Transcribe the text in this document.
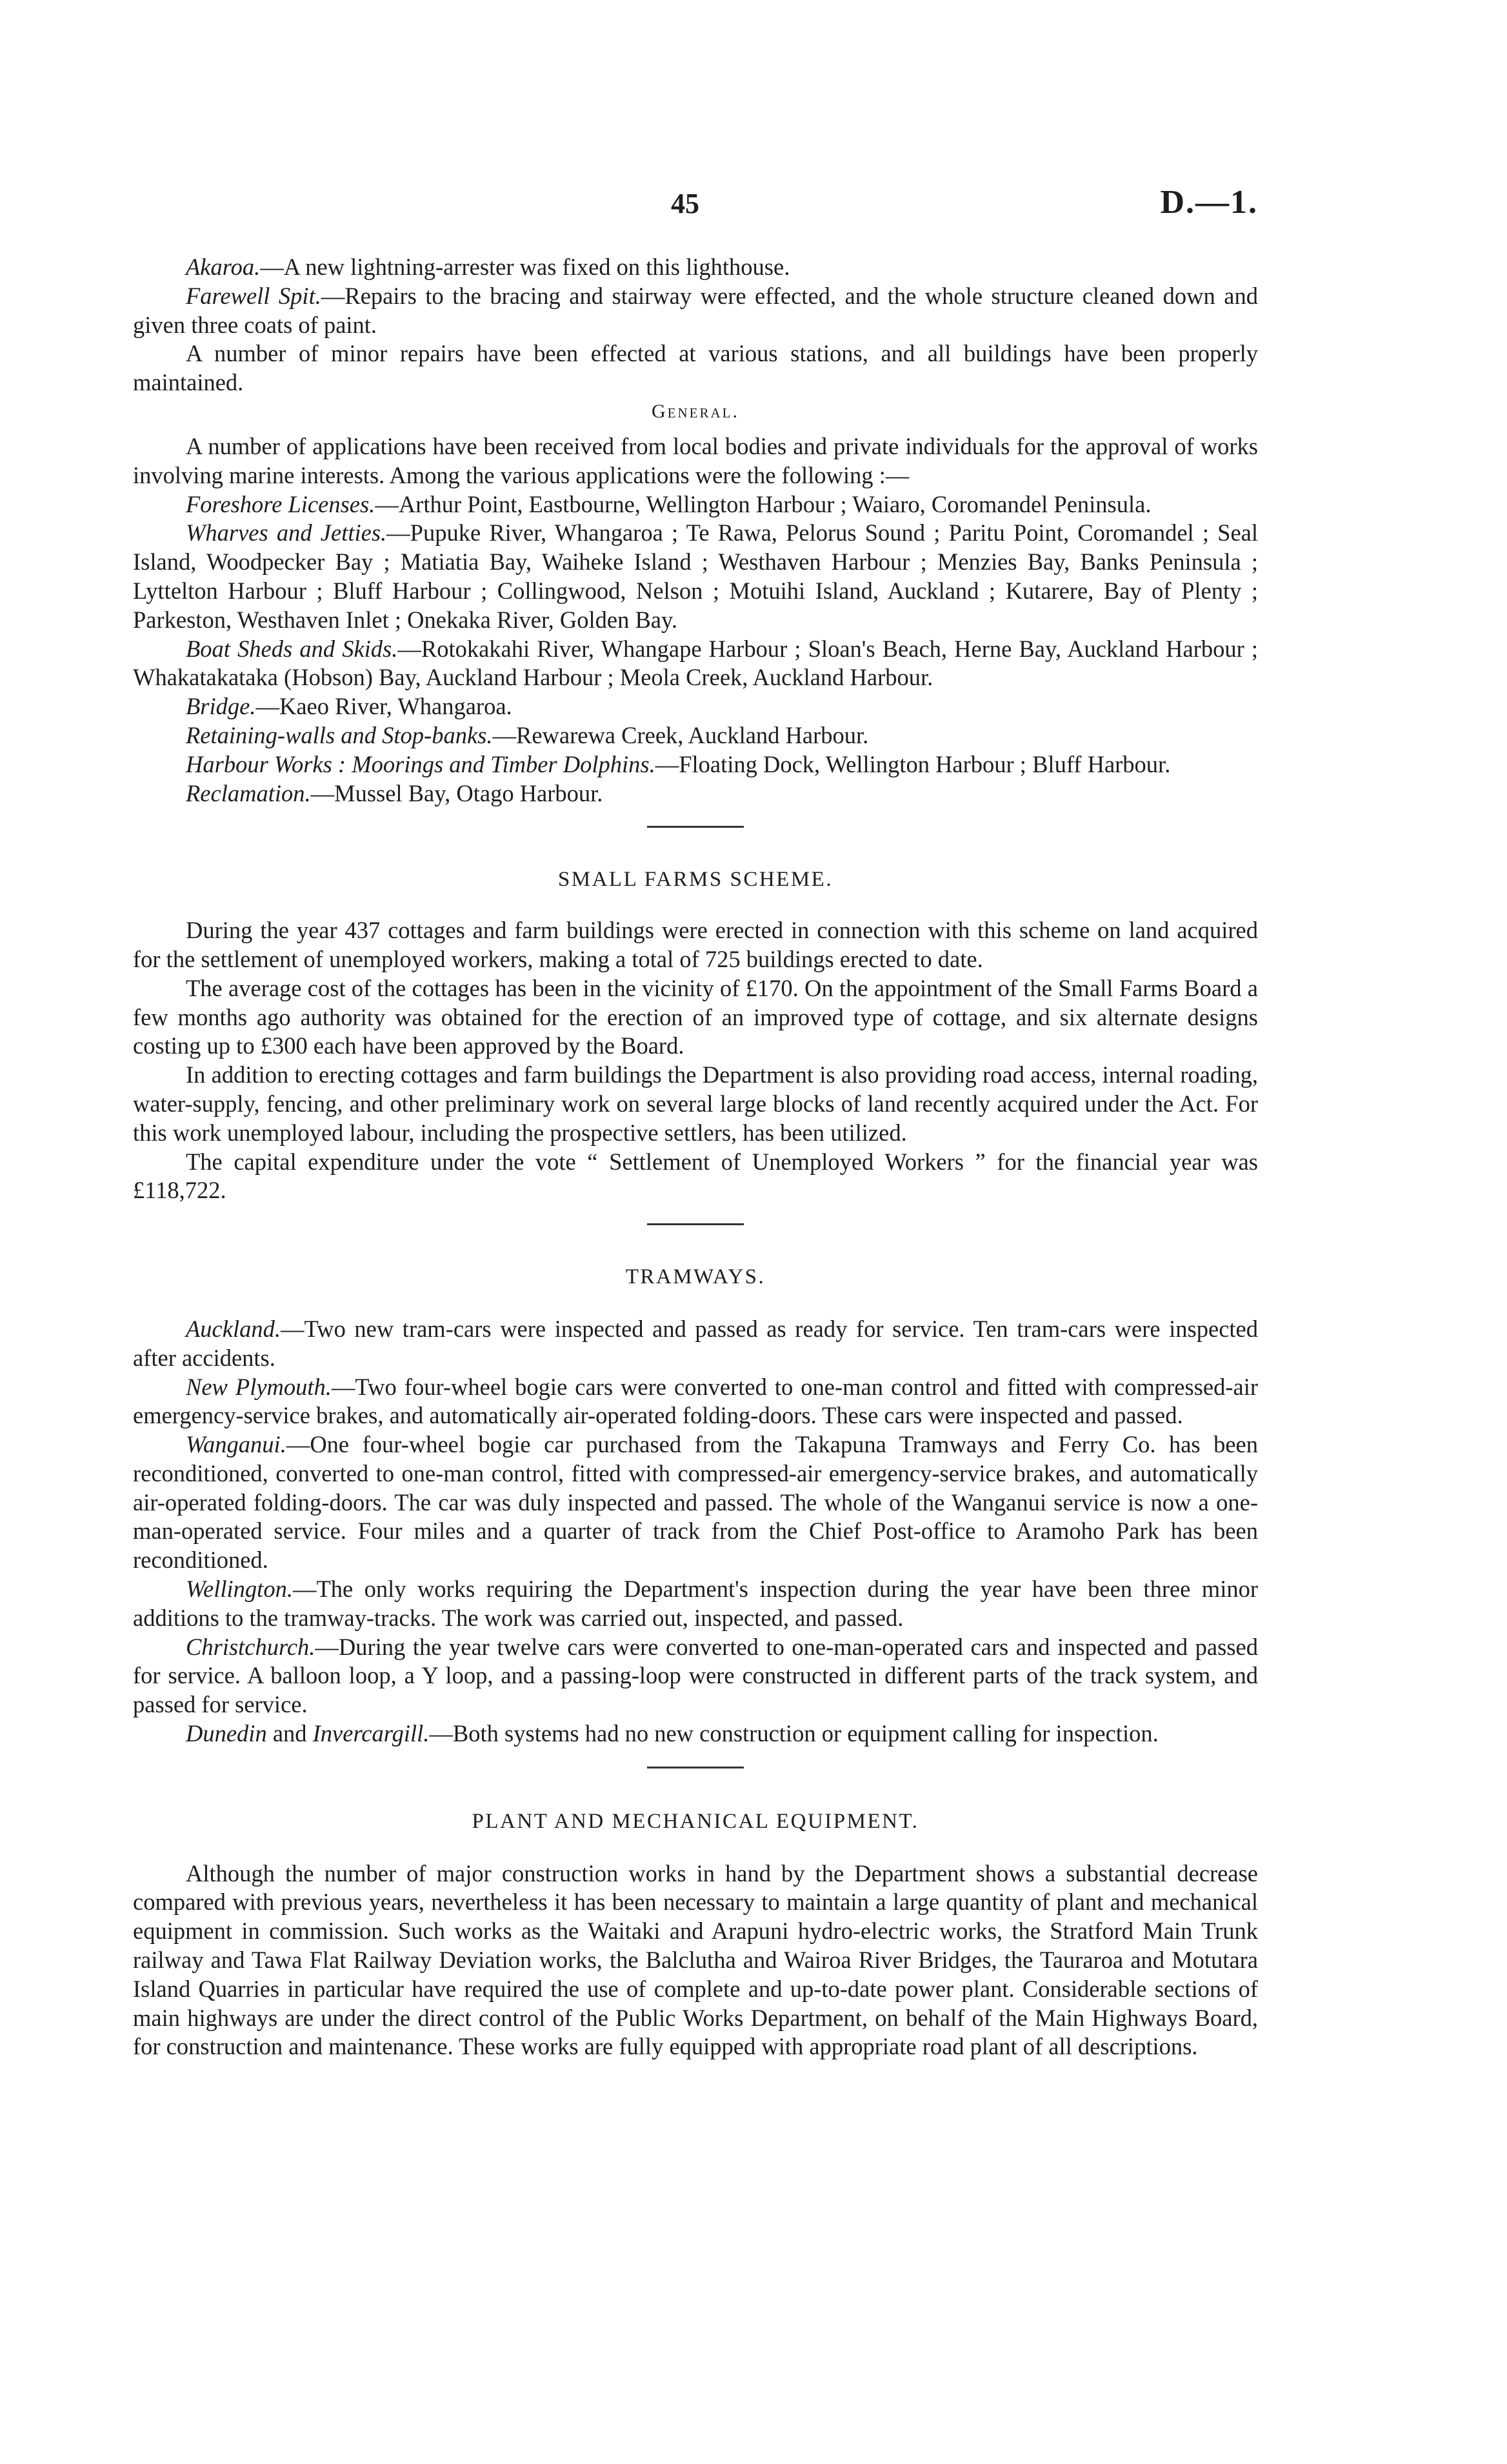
45	D.—1.

Akaroa.—A new lightning-arrester was fixed on this lighthouse.

Farewell Spit.—Repairs to the bracing and stairway were effected, and the whole structure cleaned down and given three coats of paint.

A number of minor repairs have been effected at various stations, and all buildings have been properly maintained.

General.

A number of applications have been received from local bodies and private individuals for the approval of works involving marine interests. Among the various applications were the following :—

Foreshore Licenses.—Arthur Point, Eastbourne, Wellington Harbour ; Waiaro, Coromandel Peninsula.

Wharves and Jetties.—Pupuke River, Whangaroa ; Te Rawa, Pelorus Sound ; Paritu Point, Coromandel ; Seal Island, Woodpecker Bay ; Matiatia Bay, Waiheke Island ; Westhaven Harbour ; Menzies Bay, Banks Peninsula ; Lyttelton Harbour ; Bluff Harbour ; Collingwood, Nelson ; Motuihi Island, Auckland ; Kutarere, Bay of Plenty ; Parkeston, Westhaven Inlet ; Onekaka River, Golden Bay.

Boat Sheds and Skids.—Rotokakahi River, Whangape Harbour ; Sloan's Beach, Herne Bay, Auckland Harbour ; Whakatakataka (Hobson) Bay, Auckland Harbour ; Meola Creek, Auckland Harbour.

Bridge.—Kaeo River, Whangaroa.

Retaining-walls and Stop-banks.—Rewarewa Creek, Auckland Harbour.

Harbour Works : Moorings and Timber Dolphins.—Floating Dock, Wellington Harbour ; Bluff Harbour.

Reclamation.—Mussel Bay, Otago Harbour.

SMALL FARMS SCHEME.

During the year 437 cottages and farm buildings were erected in connection with this scheme on land acquired for the settlement of unemployed workers, making a total of 725 buildings erected to date.

The average cost of the cottages has been in the vicinity of £170. On the appointment of the Small Farms Board a few months ago authority was obtained for the erection of an improved type of cottage, and six alternate designs costing up to £300 each have been approved by the Board.

In addition to erecting cottages and farm buildings the Department is also providing road access, internal roading, water-supply, fencing, and other preliminary work on several large blocks of land recently acquired under the Act. For this work unemployed labour, including the prospective settlers, has been utilized.

The capital expenditure under the vote “ Settlement of Unemployed Workers ” for the financial year was £118,722.

TRAMWAYS.

Auckland.—Two new tram-cars were inspected and passed as ready for service. Ten tram-cars were inspected after accidents.

New Plymouth.—Two four-wheel bogie cars were converted to one-man control and fitted with compressed-air emergency-service brakes, and automatically air-operated folding-doors. These cars were inspected and passed.

Wanganui.—One four-wheel bogie car purchased from the Takapuna Tramways and Ferry Co. has been reconditioned, converted to one-man control, fitted with compressed-air emergency-service brakes, and automatically air-operated folding-doors. The car was duly inspected and passed. The whole of the Wanganui service is now a one-man-operated service. Four miles and a quarter of track from the Chief Post-office to Aramoho Park has been reconditioned.

Wellington.—The only works requiring the Department's inspection during the year have been three minor additions to the tramway-tracks. The work was carried out, inspected, and passed.

Christchurch.—During the year twelve cars were converted to one-man-operated cars and inspected and passed for service. A balloon loop, a Y loop, and a passing-loop were constructed in different parts of the track system, and passed for service.

Dunedin and Invercargill.—Both systems had no new construction or equipment calling for inspection.

PLANT AND MECHANICAL EQUIPMENT.

Although the number of major construction works in hand by the Department shows a substantial decrease compared with previous years, nevertheless it has been necessary to maintain a large quantity of plant and mechanical equipment in commission. Such works as the Waitaki and Arapuni hydro-electric works, the Stratford Main Trunk railway and Tawa Flat Railway Deviation works, the Balclutha and Wairoa River Bridges, the Tauraroa and Motutara Island Quarries in particular have required the use of complete and up-to-date power plant. Considerable sections of main highways are under the direct control of the Public Works Department, on behalf of the Main Highways Board, for construction and maintenance. These works are fully equipped with appropriate road plant of all descriptions.
